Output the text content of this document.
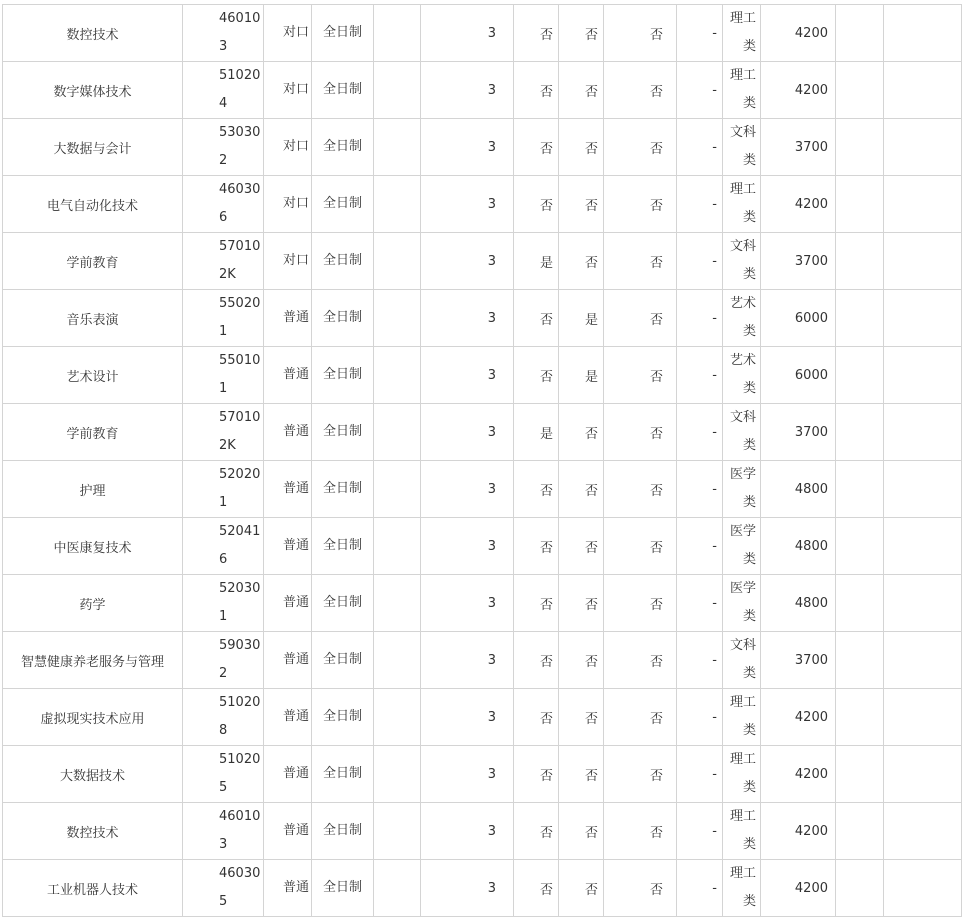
数控技术	460103	对口	全日制		3	否	否	否	-	理工类	4200		
数字媒体技术	510204	对口	全日制		3	否	否	否	-	理工类	4200		
大数据与会计	530302	对口	全日制		3	否	否	否	-	文科类	3700		
电气自动化技术	460306	对口	全日制		3	否	否	否	-	理工类	4200		
学前教育	570102K	对口	全日制		3	是	否	否	-	文科类	3700		
音乐表演	550201	普通	全日制		3	否	是	否	-	艺术类	6000		
艺术设计	550101	普通	全日制		3	否	是	否	-	艺术类	6000		
学前教育	570102K	普通	全日制		3	是	否	否	-	文科类	3700		
护理	520201	普通	全日制		3	否	否	否	-	医学类	4800		
中医康复技术	520416	普通	全日制		3	否	否	否	-	医学类	4800		
药学	520301	普通	全日制		3	否	否	否	-	医学类	4800		
智慧健康养老服务与管理	590302	普通	全日制		3	否	否	否	-	文科类	3700		
虚拟现实技术应用	510208	普通	全日制		3	否	否	否	-	理工类	4200		
大数据技术	510205	普通	全日制		3	否	否	否	-	理工类	4200		
数控技术	460103	普通	全日制		3	否	否	否	-	理工类	4200		
工业机器人技术	460305	普通	全日制		3	否	否	否	-	理工类	4200		
